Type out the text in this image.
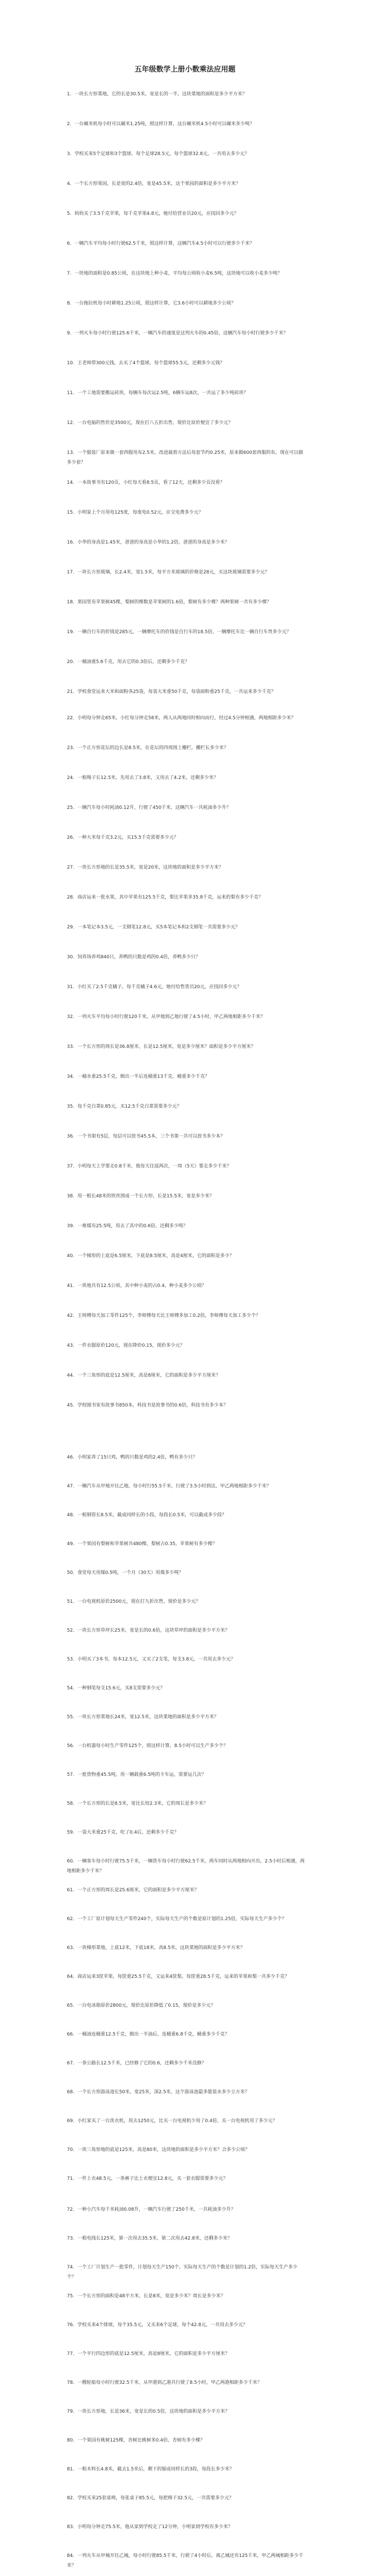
五年级数学上册小数乘法应用题

1．一块长方形菜地，它的长是30.5米，宽是长的一半，这块菜地的面积是多少平方米？

2．一台碾米机每小时可以碾米1.25吨，照这样计算，这台碾米机4.5小时可以碾米多少吨？

3．学校买来5个足球和3个篮球，每个足球28.5元，每个篮球32.8元，一共用去多少元？

4．一个长方形果园，长是宽的2.4倍，宽是45.5米，这个果园的面积是多少平方米？

5．妈妈买了3.5千克苹果，每千克苹果4.8元，她付给营业员20元，应找回多少元？

6．一辆汽车平均每小时行驶62.5千米，照这样计算，这辆汽车4.5小时可以行驶多少千米？

7．一块地的面积是0.85公顷，在这块地上种小麦，平均每公顷收小麦6.5吨，这块地可以收小麦多少吨？

8．一台拖拉机每小时耕地1.25公顷，照这样计算，它3.6小时可以耕地多少公顷？

9．一列火车每小时行驶125.6千米，一辆汽车的速度是这列火车的0.45倍，这辆汽车每小时行驶多少千米？

10．王老师带300元钱，去买了4个篮球，每个篮球55.5元，还剩多少元钱？

11．一个工地需要搬运砖块，每辆车每次运2.5吨，6辆车运8次，一共运了多少吨砖块？

12．一台电脑的售价是3500元，现在打八五折出售，现价比原价便宜了多少元？

13．一个服装厂原来做一套西服用布2.5米，改进裁剪方法后每套节约0.25米，原来做600套西服的布，现在可以做多少套？

14．一本故事书有120页，小红每天看8.5页，看了12天，还剩多少页没看？

15．小明家上个月用电125度，每度电0.52元，应交电费多少元？

16．小华的身高是1.45米，爸爸的身高是小华的1.2倍，爸爸的身高是多少米？

17．一块长方形玻璃，长2.4米，宽1.5米，每平方米玻璃的价格是28元，买这块玻璃需要多少元？

18．果园里有苹果树45棵，梨树的棵数是苹果树的1.6倍，梨树有多少棵？两种果树一共有多少棵？

19．一辆自行车的价钱是285元，一辆摩托车的价钱是自行车的18.5倍，一辆摩托车比一辆自行车贵多少元？

20．一桶油重5.6千克，用去它的0.3倍后，还剩多少千克？

21．学校食堂运来大米和面粉各25袋，每袋大米重50千克，每袋面粉重25千克，一共运来多少千克？

22．小明每分钟走65米，小红每分钟走58米，两人从两地同时相向而行，经过4.5分钟相遇，两地相距多少米？

23．一个正方形花坛的边长是8.5米，在花坛的四周围上栅栏，栅栏长多少米？

24．一根绳子长12.5米，先用去了3.8米，又用去了4.2米，还剩多少米？

25．一辆汽车每小时耗油0.12升，行驶了450千米，这辆汽车一共耗油多少升？

26．一种大米每千克3.2元，买15.5千克需要多少元？

27．一块长方形地的长是35.5米，宽是20米，这块地的面积是多少平方米？

28．商店运来一批水果，其中苹果有125.5千克，梨比苹果多35.8千克，运来的梨有多少千克？

29．一本笔记本3.5元，一支钢笔12.8元，买5本笔记本和2支钢笔一共需要多少元？

30．饲养场养鸡840只，养鸭的只数是鸡的0.4倍，养鸭多少只？

31．小红买了2.5千克橘子，每千克橘子4.6元，她付给售货员20元，应找回多少元？

32．一列火车平均每小时行驶120千米，从甲地到乙地行驶了4.5小时，甲乙两地相距多少千米？

33．一个长方形的周长是36.8厘米，长是12.5厘米，宽是多少厘米？面积是多少平方厘米？

34．一桶水重25.5千克，倒出一半后连桶重13千克，桶重多少千克？

35．每千克白菜0.85元，买12.5千克白菜需要多少元？

36．一个书架有5层，每层可以放书45.5本，三个书架一共可以放书多少本？

37．小明每天上学要走0.8千米，他每天往返两次，一周（5天）要走多少千米？

38．用一根长48米的铁丝围成一个长方形，长是15.5米，宽是多少米？

39．一堆煤有25.5吨，用去了其中的0.6倍，还剩多少吨？

40．一个梯形的上底是6.5厘米，下底是8.5厘米，高是4厘米，它的面积是多少？

41．一块地共有12.5公顷，其中种小麦的占0.4，种小麦多少公顷？

42．王师傅每天加工零件125个，李师傅每天比王师傅多加工0.2倍，李师傅每天加工多少个？

43．一件衣服原价120元，现在降价0.15，现价多少元？

44．一个三角形的底是12.5厘米，高是8厘米，它的面积是多少平方厘米？

45．学校图书室有故事书850本，科技书是故事书的0.6倍，科技书有多少本？

46．小明家养了15只鸡，鸭的只数是鸡的2.4倍，鸭有多少只？

47．一辆汽车从甲地开往乙地，每小时行55.5千米，行驶了3.5小时到达，甲乙两地相距多少千米？

48．一根钢管长8.5米，截成同样长的小段，每段长0.5米，可以截成多少段？

49．一个果园有梨树和苹果树共480棵，梨树占0.35，苹果树有多少棵？

50．食堂每天用煤0.5吨，一个月（30天）用煤多少吨？

51．一台电视机原价2500元，现在打九折出售，现价是多少元？

52．一块长方形草坪长25米，宽是长的0.6倍，这块草坪的面积是多少平方米？

53．小明买了3本书，每本12.5元，又买了2支笔，每支3.8元，一共用去多少元？

54．一种钢笔每支15.6元，买8支需要多少元？

55．一块长方形菜地长24米，宽12.5米，这块菜地的面积是多少平方米？

56．一台机器每小时生产零件125个，照这样计算，8.5小时可以生产多少个？

57．一批货物重45.5吨，用一辆载重6.5吨的卡车运，需要运几次？

58．一个长方形的长是8.5米，宽比长短2.3米，它的周长是多少米？

59．一袋大米重25千克，吃了0.4后，还剩多少千克？

60．一辆客车每小时行驶75.5千米，一辆货车每小时行驶62.5千米，两车同时从两地相向开出，2.5小时后相遇，两地相距多少千米？

61．一个正方形的周长是25.6厘米，它的面积是多少平方厘米？

62．一个工厂原计划每天生产零件240个，实际每天生产的个数是原计划的1.25倍，实际每天生产多少个？

63．一块梯形菜地，上底12米，下底18米，高8.5米，这块菜地的面积是多少平方米？

64．商店运来3筐苹果，每筐重25.5千克，又运来4筐梨，每筐重28.5千克，运来的苹果和梨一共多少千克？

65．一台电冰箱原价2800元，现价比原价降低了0.15，现价是多少元？

66．一桶油连桶重12.5千克，倒出一半油后，连桶重6.8千克，桶重多少千克？

67．一条公路长12.5千米，已经修了它的0.6，还剩多少千米没修？

68．一个长方形游泳池长50米，宽25米，深2.5米，这个游泳池最多能装水多少立方米？

69．小红家买了一台洗衣机，用去1250元，比买一台电视机少用了0.4倍，买一台电视机用了多少元？

70．一块三角形地的底是125米，高是80米，这块地的面积是多少平方米？合多少公顷？

71．一件上衣48.5元，一条裤子比上衣便宜12.8元，买一套衣服需要多少元？

72．一种小汽车每千米耗油0.08升，一辆汽车行驶了250千米，一共耗油多少升？

73．一根电线长125米，第一次用去35.5米，第二次用去42.8米，还剩多少米？

74．一个工厂计划生产一批零件，计划每天生产150个，实际每天生产的个数是计划的1.2倍，实际每天生产多少个？

75．一个长方形的面积是48平方米，长是8米，宽是多少米？周长是多少米？

76．学校买来4个排球，每个35.5元，又买来6个足球，每个42.8元，一共用去多少元？

77．一个平行四边形的底是12.5厘米，高是8厘米，它的面积是多少平方厘米？

78．一艘轮船每小时行驶32.5千米，从甲港到乙港共行驶了8.5小时，甲乙两港相距多少千米？

79．一块长方形地，长是36米，宽是长的0.5倍，这块地的面积是多少平方米？

80．一个果园有桃树125棵，杏树比桃树多0.4倍，杏树有多少棵？

81．一根木料长4.8米，截去1.5米后，剩下的锯成同样长的3段，每段长多少米？

82．学校买来25套桌椅，每张桌子85.5元，每把椅子32.5元，一共需要多少元？

83．小明每分钟走75.5米，他从家到学校走了12分钟，小明家到学校有多少米？

84．一列火车从甲城开往乙城，每小时行驶85.5千米，行驶了4小时后，离乙城还有125千米，甲乙两城相距多少千米？
